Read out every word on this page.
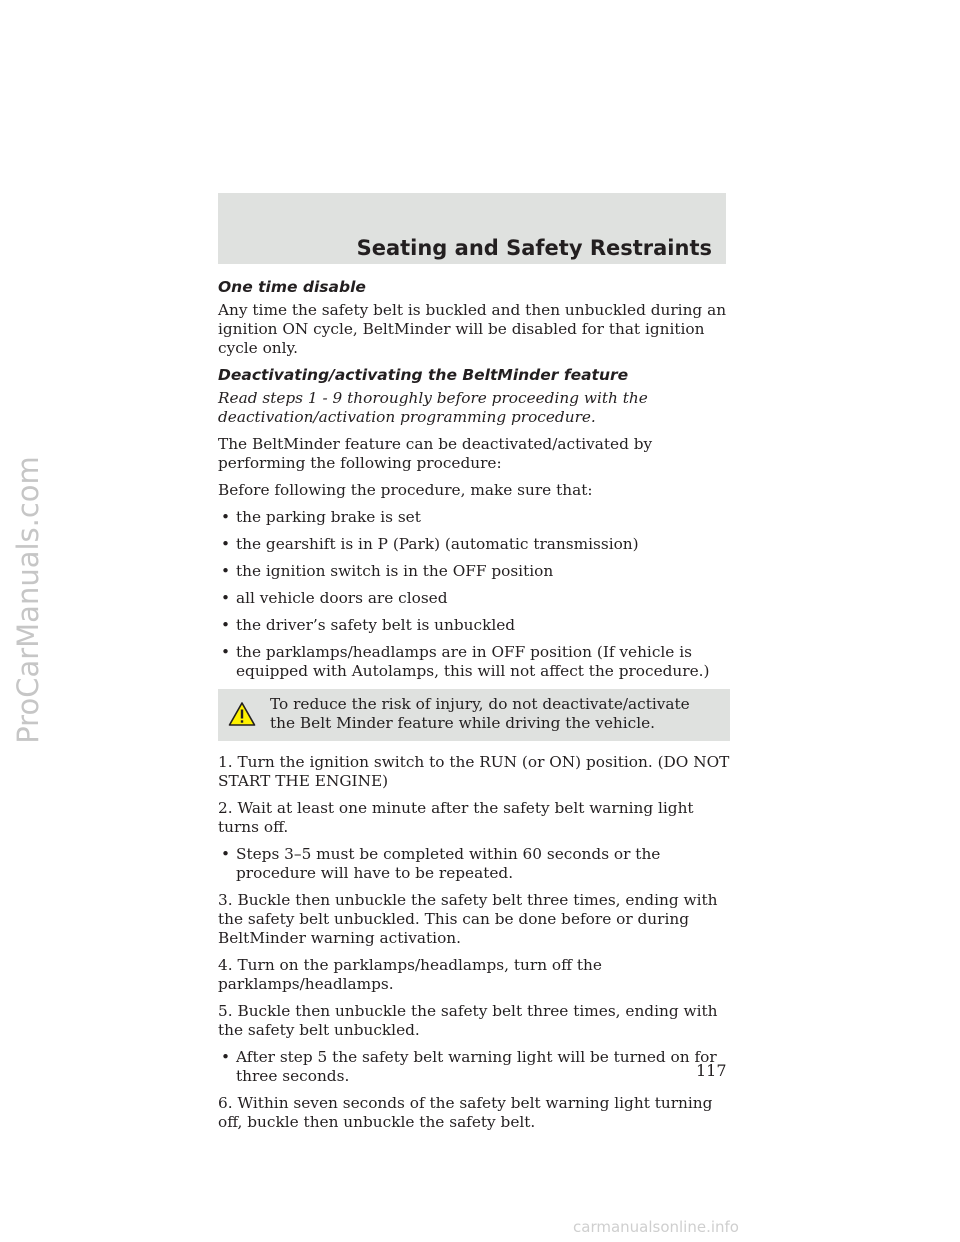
ProCarManuals.com
Seating and Safety Restraints
One time disable

Any time the safety belt is buckled and then unbuckled during an ignition ON cycle, BeltMinder will be disabled for that ignition cycle only.

Deactivating/activating the BeltMinder feature

Read steps 1 - 9 thoroughly before proceeding with the deactivation/activation programming procedure.

The BeltMinder feature can be deactivated/activated by performing the following procedure:

Before following the procedure, make sure that:

• the parking brake is set
• the gearshift is in P (Park) (automatic transmission)
• the ignition switch is in the OFF position
• all vehicle doors are closed
• the driver’s safety belt is unbuckled
• the parklamps/headlamps are in OFF position (If vehicle is equipped with Autolamps, this will not affect the procedure.)
To reduce the risk of injury, do not deactivate/activate the Belt Minder feature while driving the vehicle.

1. Turn the ignition switch to the RUN (or ON) position. (DO NOT START THE ENGINE)

2. Wait at least one minute after the safety belt warning light turns off.

• Steps 3–5 must be completed within 60 seconds or the procedure will have to be repeated.

3. Buckle then unbuckle the safety belt three times, ending with the safety belt unbuckled. This can be done before or during BeltMinder warning activation.

4. Turn on the parklamps/headlamps, turn off the parklamps/headlamps.

5. Buckle then unbuckle the safety belt three times, ending with the safety belt unbuckled.

• After step 5 the safety belt warning light will be turned on for three seconds.

6. Within seven seconds of the safety belt warning light turning off, buckle then unbuckle the safety belt.

117
carmanualsonline.info
